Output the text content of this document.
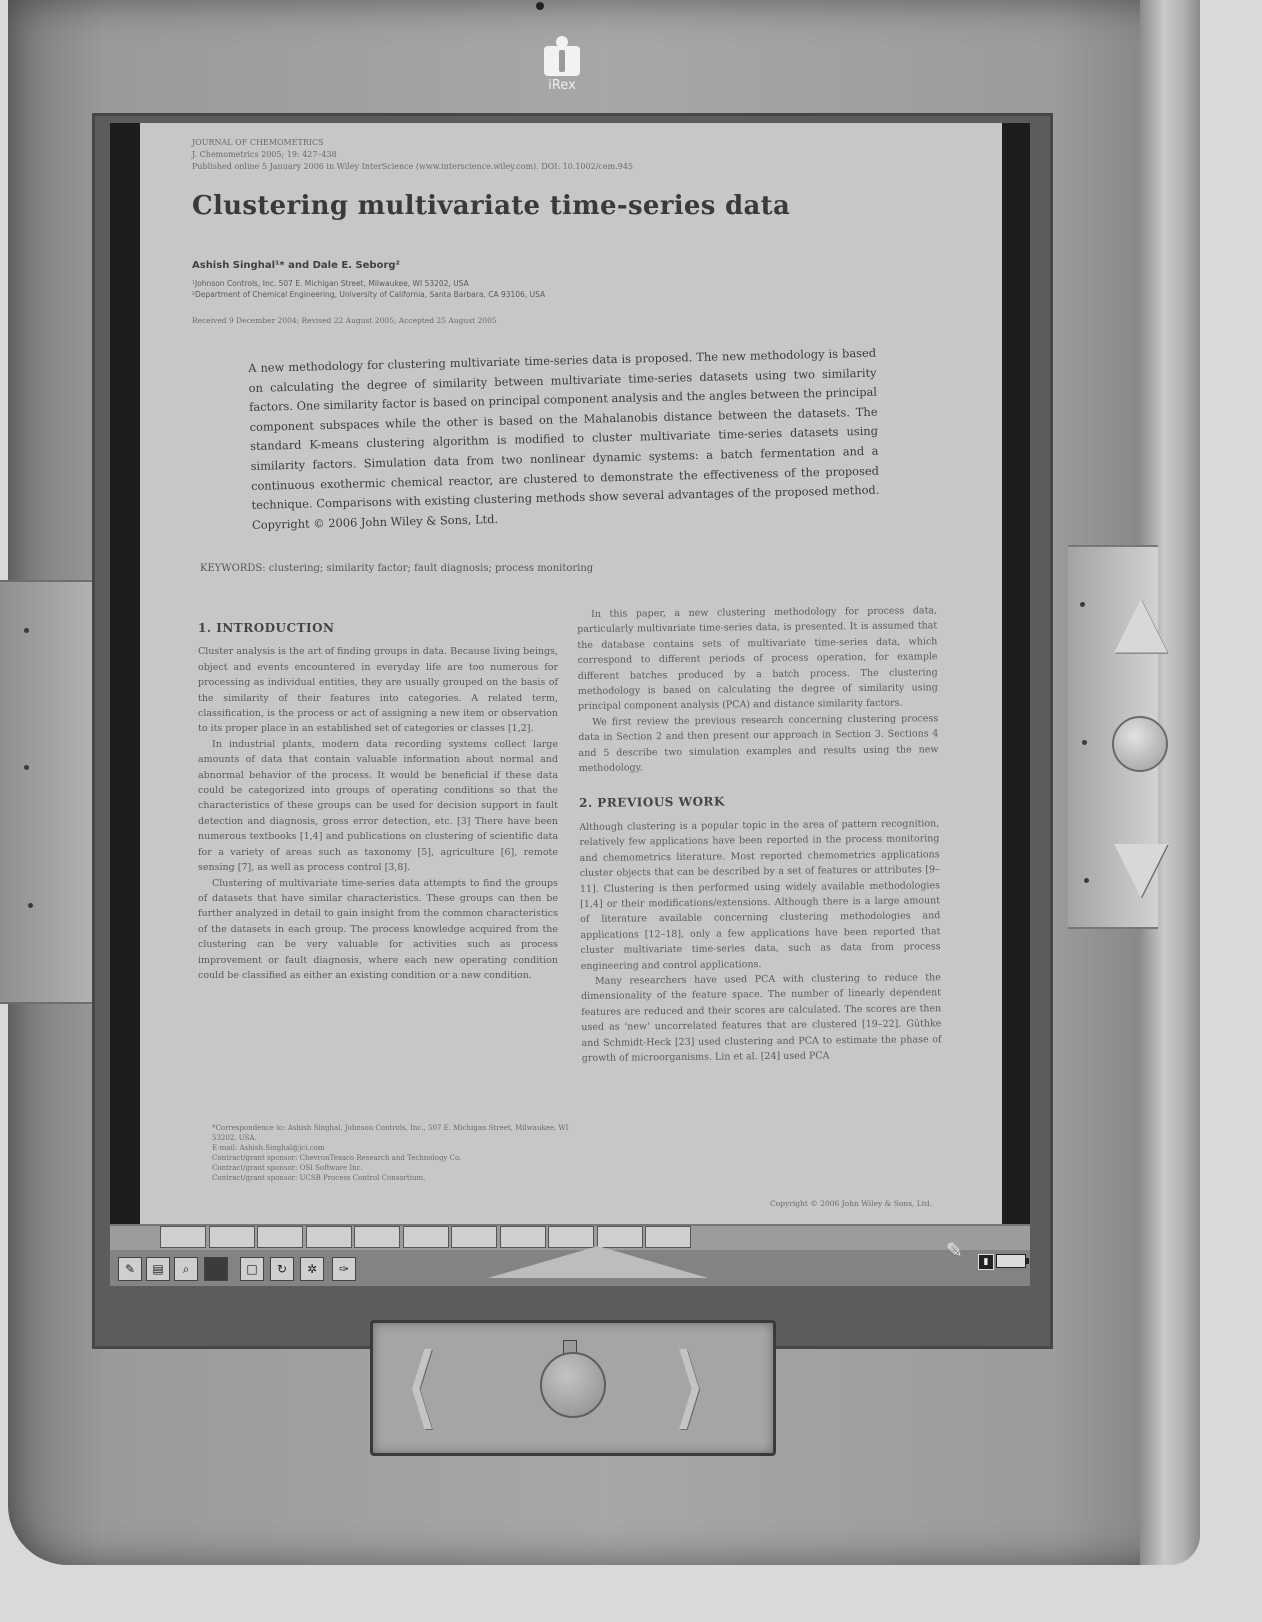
iRex
JOURNAL OF CHEMOMETRICS
J. Chemometrics 2005; 19: 427–438
Published online 5 January 2006 in Wiley InterScience (www.interscience.wiley.com). DOI: 10.1002/cem.945
Clustering multivariate time-series data
Ashish Singhal¹* and Dale E. Seborg²
¹Johnson Controls, Inc. 507 E. Michigan Street, Milwaukee, WI 53202, USA
²Department of Chemical Engineering, University of California, Santa Barbara, CA 93106, USA
Received 9 December 2004; Revised 22 August 2005; Accepted 25 August 2005
A new methodology for clustering multivariate time-series data is proposed. The new methodology is based on calculating the degree of similarity between multivariate time-series datasets using two similarity factors. One similarity factor is based on principal component analysis and the angles between the principal component subspaces while the other is based on the Mahalanobis distance between the datasets. The standard K-means clustering algorithm is modified to cluster multivariate time-series datasets using similarity factors. Simulation data from two nonlinear dynamic systems: a batch fermentation and a continuous exothermic chemical reactor, are clustered to demonstrate the effectiveness of the proposed technique. Comparisons with existing clustering methods show several advantages of the proposed method. Copyright © 2006 John Wiley & Sons, Ltd.
KEYWORDS: clustering; similarity factor; fault diagnosis; process monitoring
1. INTRODUCTION

Cluster analysis is the art of finding groups in data. Because living beings, object and events encountered in everyday life are too numerous for processing as individual entities, they are usually grouped on the basis of the similarity of their features into categories. A related term, classification, is the process or act of assigning a new item or observation to its proper place in an established set of categories or classes [1,2].

In industrial plants, modern data recording systems collect large amounts of data that contain valuable information about normal and abnormal behavior of the process. It would be beneficial if these data could be categorized into groups of operating conditions so that the characteristics of these groups can be used for decision support in fault detection and diagnosis, gross error detection, etc. [3] There have been numerous textbooks [1,4] and publications on clustering of scientific data for a variety of areas such as taxonomy [5], agriculture [6], remote sensing [7], as well as process control [3,8].

Clustering of multivariate time-series data attempts to find the groups of datasets that have similar characteristics. These groups can then be further analyzed in detail to gain insight from the common characteristics of the datasets in each group. The process knowledge acquired from the clustering can be very valuable for activities such as process improvement or fault diagnosis, where each new operating condition could be classified as either an existing condition or a new condition.

In this paper, a new clustering methodology for process data, particularly multivariate time-series data, is presented. It is assumed that the database contains sets of multivariate time-series data, which correspond to different periods of process operation, for example different batches produced by a batch process. The clustering methodology is based on calculating the degree of similarity using principal component analysis (PCA) and distance similarity factors.

We first review the previous research concerning clustering process data in Section 2 and then present our approach in Section 3. Sections 4 and 5 describe two simulation examples and results using the new methodology.

2. PREVIOUS WORK

Although clustering is a popular topic in the area of pattern recognition, relatively few applications have been reported in the process monitoring and chemometrics literature. Most reported chemometrics applications cluster objects that can be described by a set of features or attributes [9–11]. Clustering is then performed using widely available methodologies [1,4] or their modifications/extensions. Although there is a large amount of literature available concerning clustering methodologies and applications [12–18], only a few applications have been reported that cluster multivariate time-series data, such as data from process engineering and control applications.

Many researchers have used PCA with clustering to reduce the dimensionality of the feature space. The number of linearly dependent features are reduced and their scores are calculated. The scores are then used as 'new' uncorrelated features that are clustered [19–22]. Güthke and Schmidt-Heck [23] used clustering and PCA to estimate the phase of growth of microorganisms. Lin et al. [24] used PCA

*Correspondence to: Ashish Singhal, Johnson Controls, Inc., 507 E. Michigan Street, Milwaukee, WI 53202, USA.
E-mail: Ashish.Singhal@jci.com
Contract/grant sponsor: ChevronTexaco Research and Technology Co.
Contract/grant sponsor: OSI Software Inc.
Contract/grant sponsor: UCSB Process Control Consortium.
Copyright © 2006 John Wiley & Sons, Ltd.
✎	▤	⌕	□	↻	✲	✑
✎	▮
⟨	⟩
▲
▼
